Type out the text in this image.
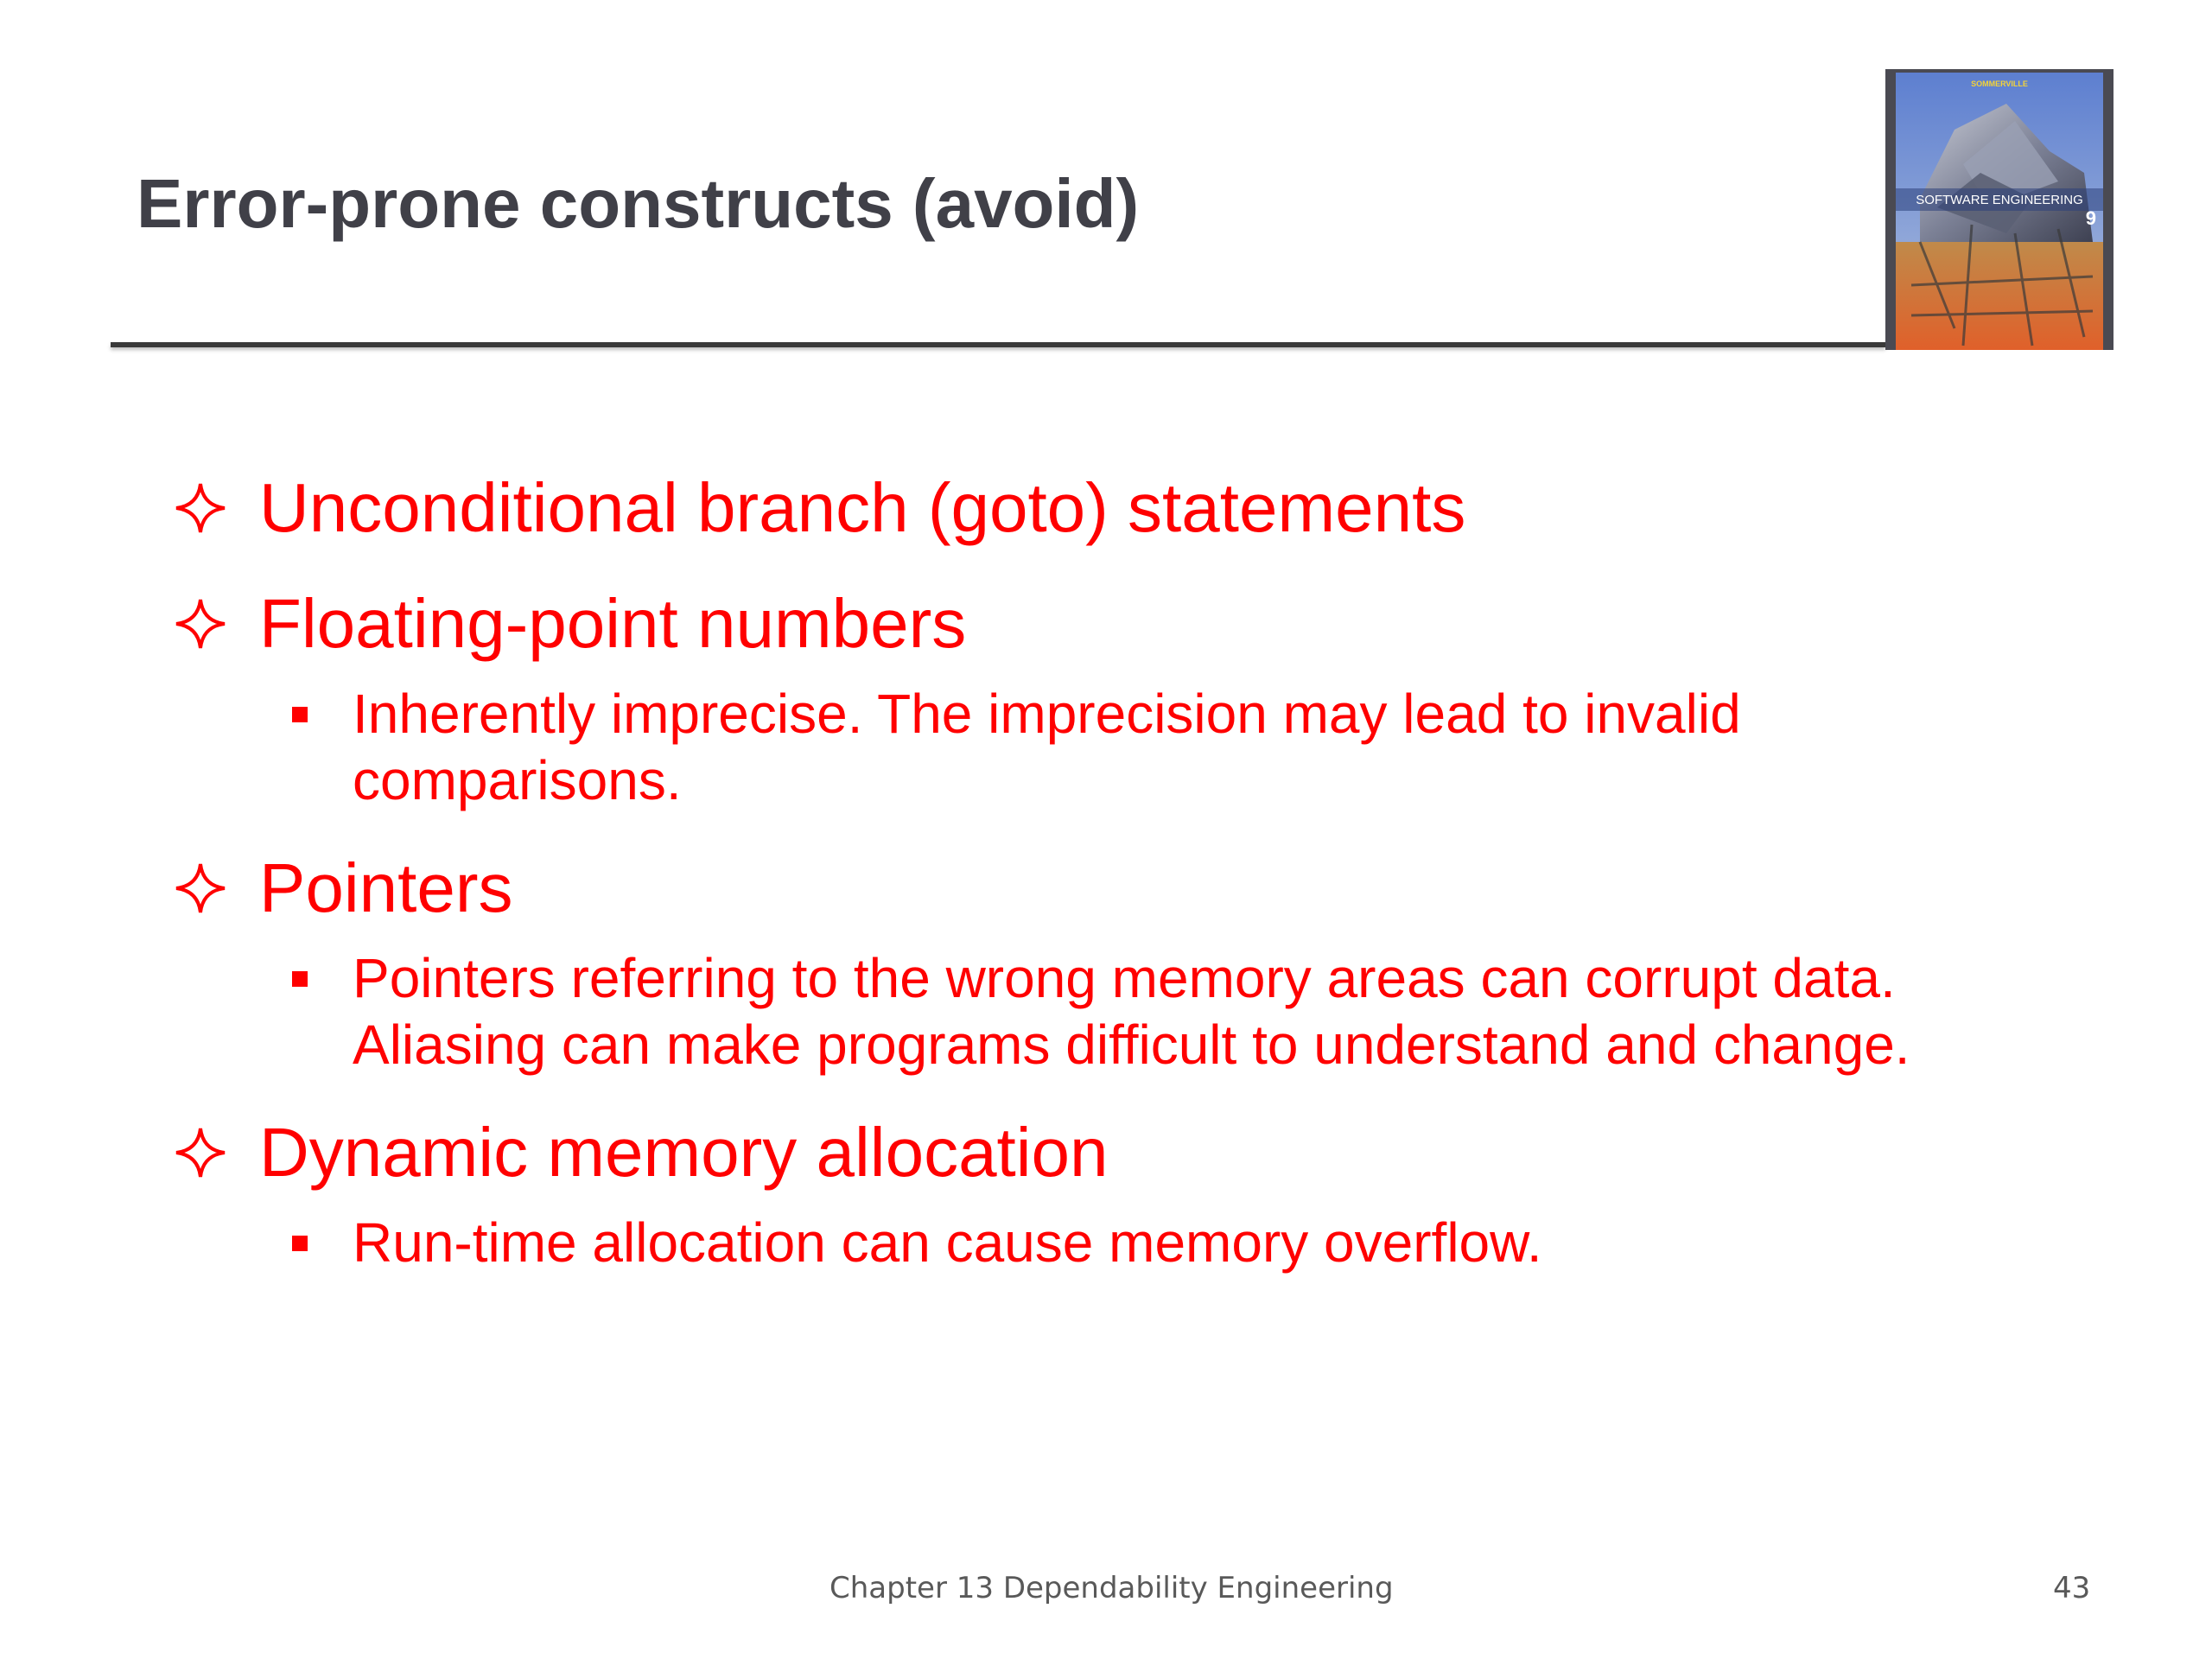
Error-prone constructs (avoid)
SOMMERVILLE
SOFTWARE ENGINEERING
9
Unconditional branch (goto) statements
Floating-point numbers
Inherently imprecise. The imprecision may lead to invalid comparisons.
Pointers
Pointers referring to the wrong memory areas can corrupt data. Aliasing can make programs difficult to understand and change.
Dynamic memory allocation
Run-time allocation can cause memory overflow.
Chapter 13 Dependability Engineering	43
